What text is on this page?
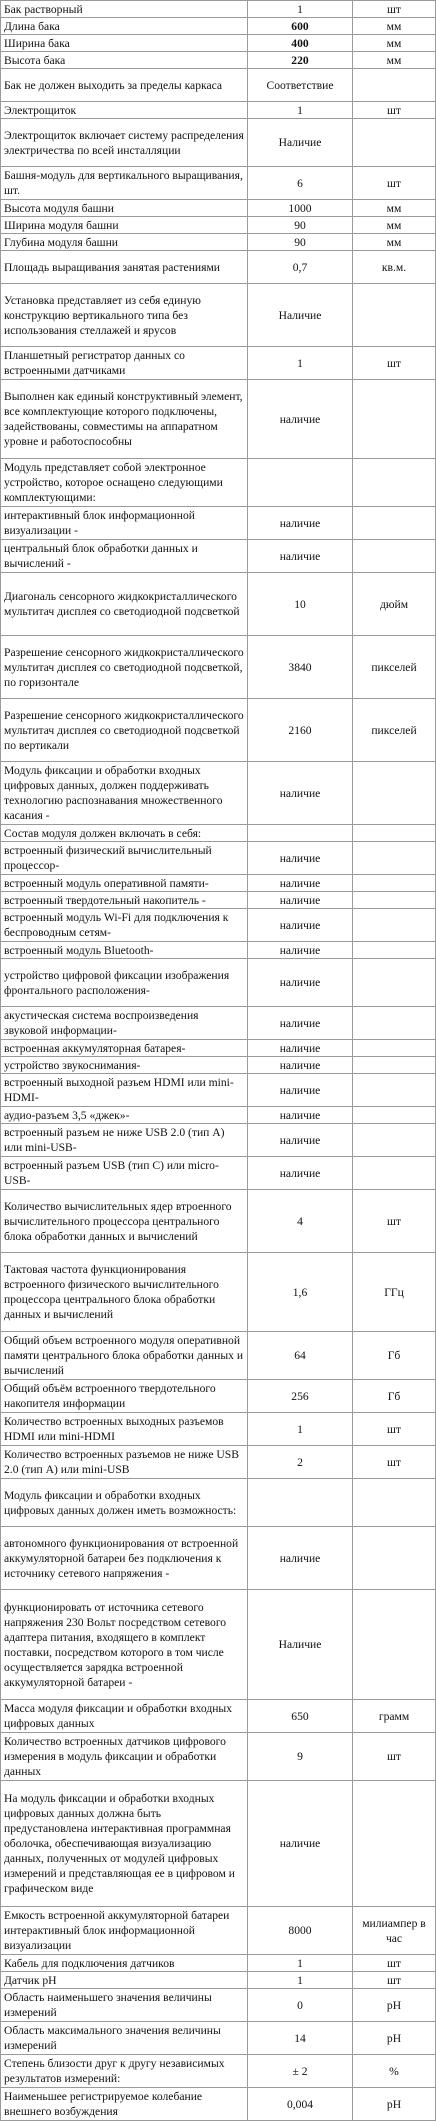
Бак растворный	1	шт
Длина бака	600	мм
Ширина бака	400	мм
Высота бака	220	мм
Бак не должен выходить за пределы каркаса	Соответствие	
Электрощиток	1	шт
Электрощиток включает систему распределения электричества по всей инсталляции	Наличие	
Башня-модуль для вертикального выращивания, шт.	6	шт
Высота модуля башни	1000	мм
Ширина модуля башни	90	мм
Глубина модуля башни	90	мм
Площадь выращивания занятая растениями	0,7	кв.м.
Установка представляет из себя единую конструкцию вертикального типа без использования стеллажей и ярусов	Наличие	
Планшетный регистратор данных со встроенными датчиками	1	шт
Выполнен как единый конструктивный элемент, все комплектующие которого подключены, задействованы, совместимы на аппаратном уровне и работоспособны	наличие	
Модуль представляет собой электронное устройство, которое оснащено следующими комплектующими:		
интерактивный блок информационной визуализации -	наличие	
центральный блок обработки данных и вычислений -	наличие	
Диагональ сенсорного жидкокристаллического мультитач дисплея со светодиодной подсветкой	10	дюйм
Разрешение сенсорного жидкокристаллического мультитач дисплея со светодиодной подсветкой, по горизонтале	3840	пикселей
Разрешение сенсорного жидкокристаллического мультитач дисплея со светодиодной подсветкой по вертикали	2160	пикселей
Модуль фиксации и обработки входных цифровых данных, должен поддерживать технологию распознавания множественного касания -	наличие	
Состав модуля должен включать в себя:		
встроенный физический вычислительный процессор-	наличие	
встроенный модуль оперативной памяти-	наличие	
встроенный твердотельный накопитель -	наличие	
встроенный модуль Wi-Fi для подключения к беспроводным сетям-	наличие	
встроенный модуль Bluetooth-	наличие	
устройство цифровой фиксации изображения фронтального расположения-	наличие	
акустическая система воспроизведения звуковой информации-	наличие	
встроенная аккумуляторная батарея-	наличие	
устройство звукоснимания-	наличие	
встроенный выходной разъем HDMI или mini-HDMI-	наличие	
аудио-разъем 3,5 «джек»-	наличие	
встроенный разъем не ниже USB 2.0 (тип A) или mini-USB-	наличие	
встроенный разъем USB (тип C) или micro-USB-	наличие	
Количество вычислительных ядер втроенного вычислительного процессора центрального блока обработки данных и вычислений	4	шт
Тактовая частота функционирования встроенного физического вычислительного процессора центрального блока обработки данных и вычислений	1,6	ГГц
Общий объем встроенного модуля оперативной памяти центрального блока обработки данных и вычислений	64	Гб
Общий объём встроенного твердотельного накопителя информации	256	Гб
Количество встроенных выходных разъемов HDMI или mini-HDMI	1	шт
Количество встроенных разъемов не ниже USB 2.0 (тип A) или mini-USB	2	шт
Модуль фиксации и обработки входных цифровых данных должен иметь возможность:		
автономного функционирования от встроенной аккумуляторной батареи без подключения к источнику сетевого напряжения -	наличие	
функционировать от источника сетевого напряжения 230 Вольт посредством сетевого адаптера питания, входящего в комплект поставки, посредством которого в том числе осуществляется зарядка встроенной аккумуляторной батареи -	Наличие	
Масса модуля фиксации и обработки входных цифровых данных	650	грамм
Количество встроенных датчиков цифрового измерения в модуль фиксации и обработки данных	9	шт
На модуль фиксации и обработки входных цифровых данных должна быть предустановлена интерактивная программная оболочка, обеспечивающая визуализацию данных, полученных от модулей цифровых измерений и представляющая ее в цифровом и графическом виде	наличие	
Емкость встроенной аккумуляторной батареи интерактивный блок информационной визуализации	8000	милиампер в час
Кабель для подключения датчиков	1	шт
Датчик pH	1	шт
Область наименьшего значения величины измерений	0	pH
Область максимального значения величины измерений	14	pH
Степень близости друг к другу независимых результатов измерений:	± 2	%
Наименьшее регистрируемое колебание внешнего возбуждения	0,004	pH
